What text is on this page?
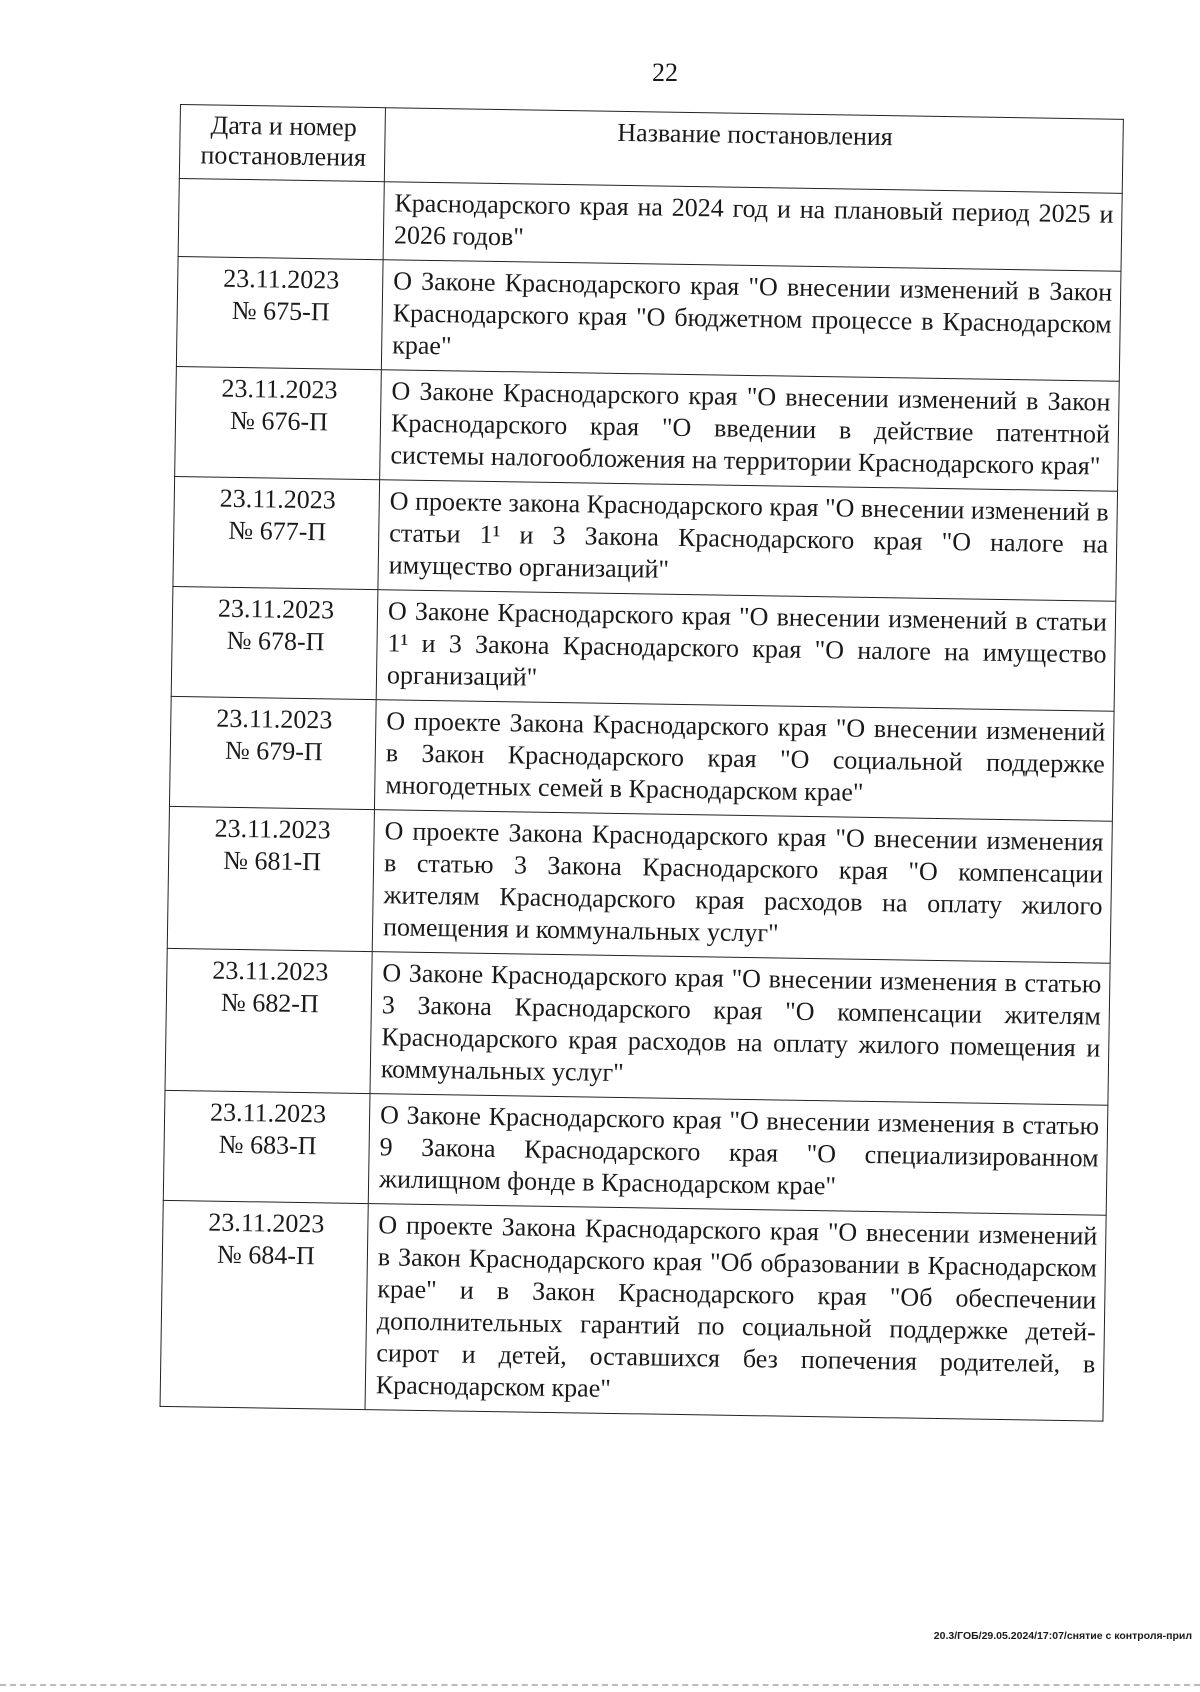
22
Дата и номер постановления	Название постановления
	Краснодарского края на 2024 год и на плановый период 2025 и 2026 годов"

23.11.2023
№ 675-П	О Законе Краснодарского края "О внесении изменений в Закон Краснодарского края "О бюджетном процессе в Краснодарском крае"

23.11.2023
№ 676-П	О Законе Краснодарского края "О внесении изменений в Закон Краснодарского края "О введении в действие патентной системы налогообложения на территории Краснодарского края"

23.11.2023
№ 677-П	О проекте закона Краснодарского края "О внесении изменений в статьи 1¹ и 3 Закона Краснодарского края "О налоге на имущество организаций"

23.11.2023
№ 678-П	О Законе Краснодарского края "О внесении изменений в статьи 1¹ и 3 Закона Краснодарского края "О налоге на имущество организаций"

23.11.2023
№ 679-П	О проекте Закона Краснодарского края "О внесении изменений в Закон Краснодарского края "О социальной поддержке многодетных семей в Краснодарском крае"

23.11.2023
№ 681-П	О проекте Закона Краснодарского края "О внесении изменения в статью 3 Закона Краснодарского края "О компенсации жителям Краснодарского края расходов на оплату жилого помещения и коммунальных услуг"

23.11.2023
№ 682-П	О Законе Краснодарского края "О внесении изменения в статью 3 Закона Краснодарского края "О компенсации жителям Краснодарского края расходов на оплату жилого помещения и коммунальных услуг"

23.11.2023
№ 683-П	О Законе Краснодарского края "О внесении изменения в статью 9 Закона Краснодарского края "О специализированном жилищном фонде в Краснодарском крае"

23.11.2023
№ 684-П	О проекте Закона Краснодарского края "О внесении изменений в Закон Краснодарского края "Об образовании в Краснодарском крае" и в Закон Краснодарского края "Об обеспечении дополнительных гарантий по социальной поддержке детей-сирот и детей, оставшихся без попечения родителей, в Краснодарском крае"
20.3/ГОБ/29.05.2024/17:07/снятие с контроля-прил
